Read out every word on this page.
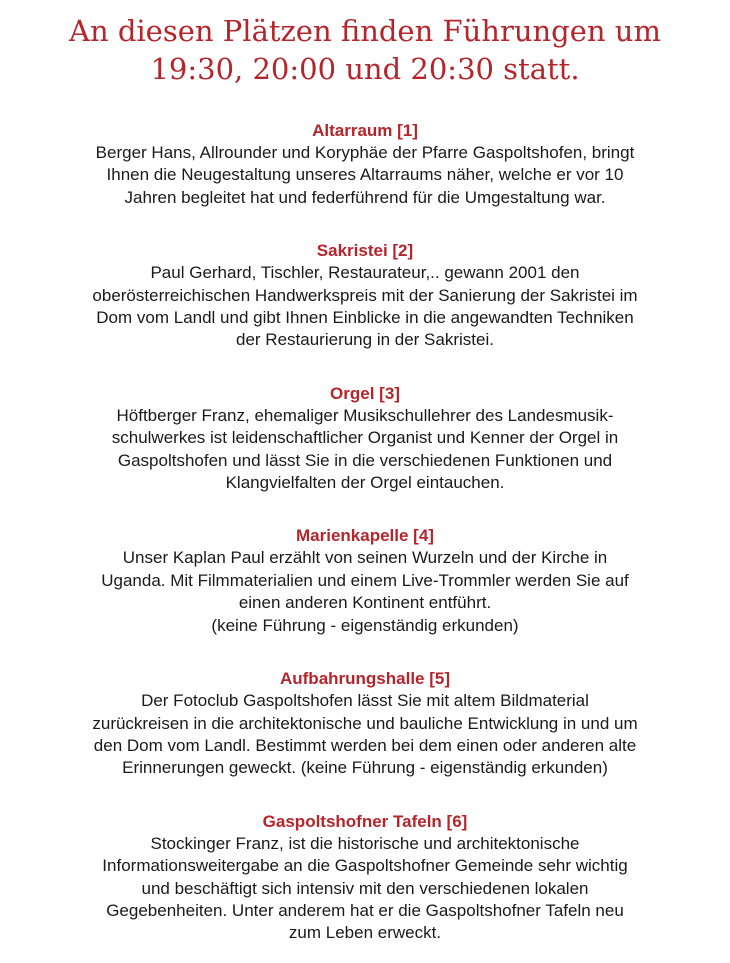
An diesen Plätzen finden Führungen um
19:30, 20:00 und 20:30 statt.
Altarraum [1]
Berger Hans, Allrounder und Koryphäe der Pfarre Gaspoltshofen, bringt
Ihnen die Neugestaltung unseres Altarraums näher, welche er vor 10
Jahren begleitet hat und federführend für die Umgestaltung war.
Sakristei [2]
Paul Gerhard, Tischler, Restaurateur,.. gewann 2001 den
oberösterreichischen Handwerkspreis mit der Sanierung der Sakristei im
Dom vom Landl und gibt Ihnen Einblicke in die angewandten Techniken
der Restaurierung in der Sakristei.
Orgel [3]
Höftberger Franz, ehemaliger Musikschullehrer des Landesmusik-
schulwerkes ist leidenschaftlicher Organist und Kenner der Orgel in
Gaspoltshofen und lässt Sie in die verschiedenen Funktionen und
Klangvielfalten der Orgel eintauchen.
Marienkapelle [4]
Unser Kaplan Paul erzählt von seinen Wurzeln und der Kirche in
Uganda. Mit Filmmaterialien und einem Live-Trommler werden Sie auf
einen anderen Kontinent entführt.
(keine Führung - eigenständig erkunden)
Aufbahrungshalle [5]
Der Fotoclub Gaspoltshofen lässt Sie mit altem Bildmaterial
zurückreisen in die architektonische und bauliche Entwicklung in und um
den Dom vom Landl. Bestimmt werden bei dem einen oder anderen alte
Erinnerungen geweckt. (keine Führung - eigenständig erkunden)
Gaspoltshofner Tafeln [6]
Stockinger Franz, ist die historische und architektonische
Informationsweitergabe an die Gaspoltshofner Gemeinde sehr wichtig
und beschäftigt sich intensiv mit den verschiedenen lokalen
Gegebenheiten. Unter anderem hat er die Gaspoltshofner Tafeln neu
zum Leben erweckt.
